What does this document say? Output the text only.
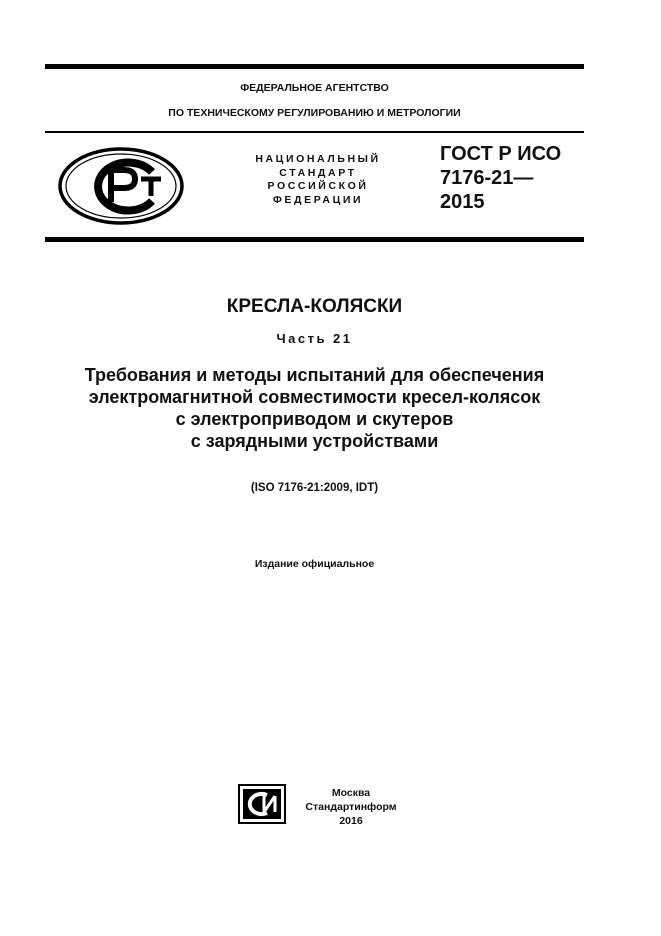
ФЕДЕРАЛЬНОЕ АГЕНТСТВО
ПО ТЕХНИЧЕСКОМУ РЕГУЛИРОВАНИЮ И МЕТРОЛОГИИ
НАЦИОНАЛЬНЫЙ
СТАНДАРТ
РОССИЙСКОЙ
ФЕДЕРАЦИИ
ГОСТ Р ИСО
7176-21—
2015
КРЕСЛА-КОЛЯСКИ
Часть 21
Требования и методы испытаний для обеспечения
электромагнитной совместимости кресел-колясок
с электроприводом и скутеров
с зарядными устройствами
(ISO 7176-21:2009, IDT)
Издание официальное
Москва
Стандартинформ
2016
